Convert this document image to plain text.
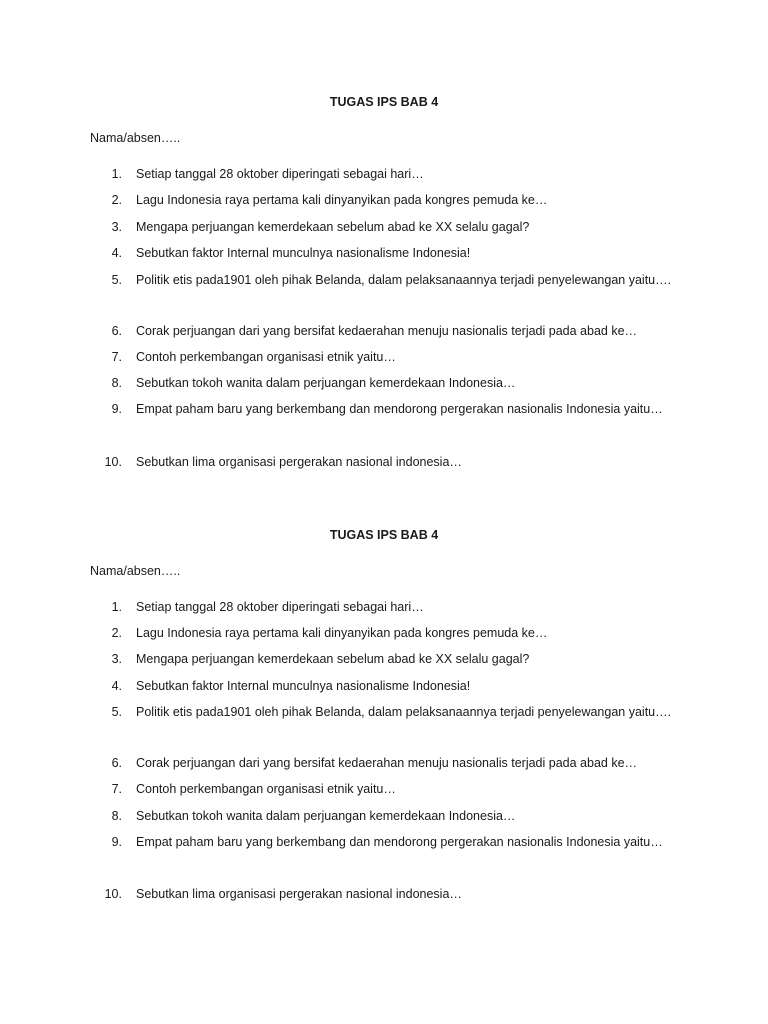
TUGAS IPS BAB 4
Nama/absen…..
1. Setiap tanggal 28 oktober diperingati sebagai hari…
2. Lagu Indonesia raya pertama kali dinyanyikan pada kongres pemuda ke…
3. Mengapa perjuangan kemerdekaan sebelum abad ke XX selalu gagal?
4. Sebutkan faktor Internal munculnya nasionalisme Indonesia!
5. Politik etis pada1901 oleh pihak Belanda, dalam pelaksanaannya terjadi penyelewangan yaitu….
6. Corak perjuangan dari yang bersifat kedaerahan menuju nasionalis terjadi pada abad ke…
7. Contoh perkembangan organisasi etnik yaitu…
8. Sebutkan tokoh wanita dalam perjuangan kemerdekaan Indonesia…
9. Empat paham baru yang berkembang dan mendorong pergerakan nasionalis Indonesia yaitu…
10. Sebutkan lima organisasi pergerakan nasional indonesia…
TUGAS IPS BAB 4
Nama/absen…..
1. Setiap tanggal 28 oktober diperingati sebagai hari…
2. Lagu Indonesia raya pertama kali dinyanyikan pada kongres pemuda ke…
3. Mengapa perjuangan kemerdekaan sebelum abad ke XX selalu gagal?
4. Sebutkan faktor Internal munculnya nasionalisme Indonesia!
5. Politik etis pada1901 oleh pihak Belanda, dalam pelaksanaannya terjadi penyelewangan yaitu….
6. Corak perjuangan dari yang bersifat kedaerahan menuju nasionalis terjadi pada abad ke…
7. Contoh perkembangan organisasi etnik yaitu…
8. Sebutkan tokoh wanita dalam perjuangan kemerdekaan Indonesia…
9. Empat paham baru yang berkembang dan mendorong pergerakan nasionalis Indonesia yaitu…
10. Sebutkan lima organisasi pergerakan nasional indonesia…
